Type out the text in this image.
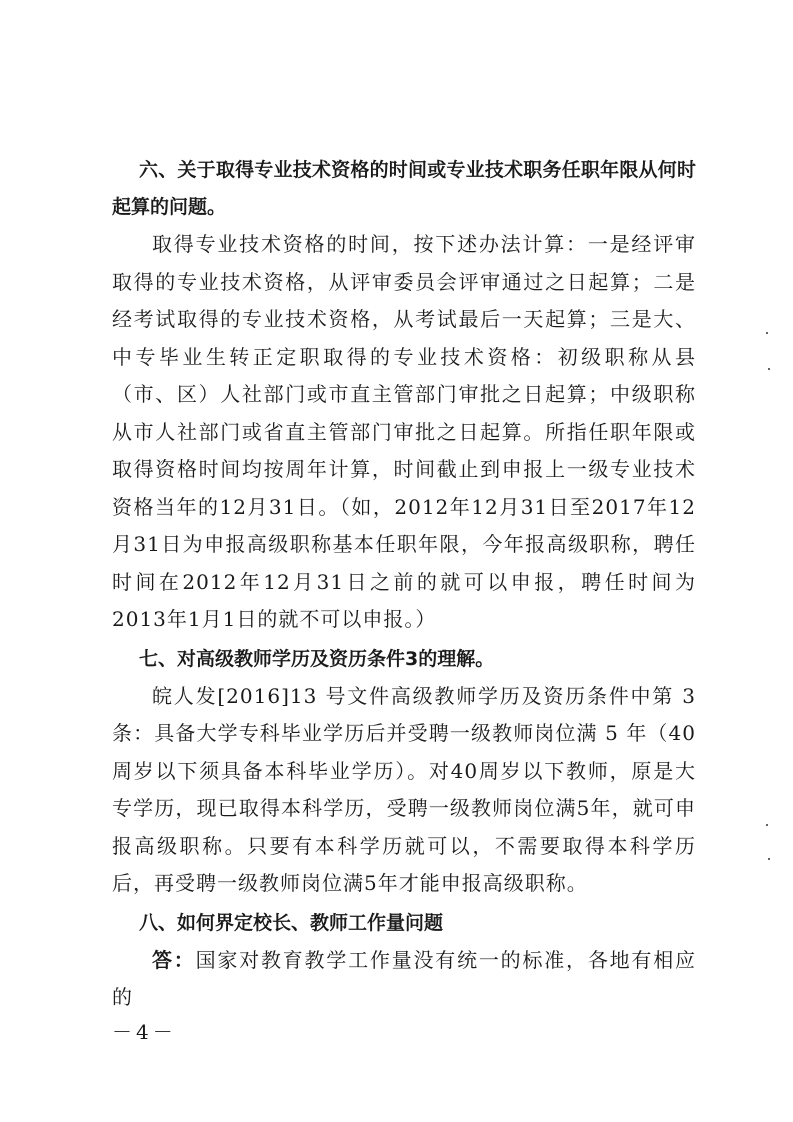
六、关于取得专业技术资格的时间或专业技术职务任职年限从何时起算的问题。

取得专业技术资格的时间，按下述办法计算：一是经评审取得的专业技术资格，从评审委员会评审通过之日起算；二是经考试取得的专业技术资格，从考试最后一天起算；三是大、中专毕业生转正定职取得的专业技术资格：初级职称从县（市、区）人社部门或市直主管部门审批之日起算；中级职称从市人社部门或省直主管部门审批之日起算。所指任职年限或取得资格时间均按周年计算，时间截止到申报上一级专业技术资格当年的12月31日。（如，2012年12月31日至2017年12月31日为申报高级职称基本任职年限，今年报高级职称，聘任时间在2012年12月31日之前的就可以申报，聘任时间为2013年1月1日的就不可以申报。）

七、对高级教师学历及资历条件3的理解。

皖人发[2016]13 号文件高级教师学历及资历条件中第 3条：具备大学专科毕业学历后并受聘一级教师岗位满 5 年（40周岁以下须具备本科毕业学历）。对40周岁以下教师，原是大专学历，现已取得本科学历，受聘一级教师岗位满5年，就可申报高级职称。只要有本科学历就可以，不需要取得本科学历后，再受聘一级教师岗位满5年才能申报高级职称。

八、如何界定校长、教师工作量问题

答：国家对教育教学工作量没有统一的标准，各地有相应的

－4－
